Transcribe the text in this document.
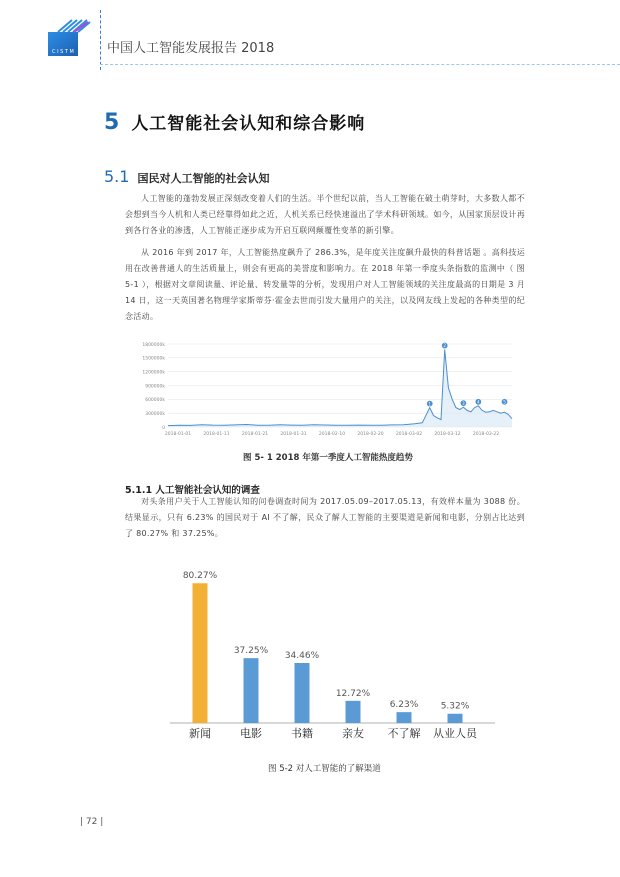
C I S T M	中国人工智能发展报告 2018
5 人工智能社会认知和综合影响
5.1 国民对人工智能的社会认知

人工智能的蓬勃发展正深刻改变着人们的生活。半个世纪以前，当人工智能在破土萌芽时，大多数人都不会想到当今人机和人类已经靠得如此之近，人机关系已经快速溢出了学术科研领域。如今，从国家顶层设计再到各行各业的渗透，人工智能正逐步成为开启互联网颠覆性变革的新引擎。

从 2016 年到 2017 年，人工智能热度飙升了 286.3%，是年度关注度飙升最快的科普话题 。高科技运用在改善普通人的生活质量上，则会有更高的美誉度和影响力。在 2018 年第一季度头条指数的监测中（ 图 5-1 ），根据对文章阅读量、评论量、转发量等的分析，发现用户对人工智能领域的关注度最高的日期是 3 月 14 日，这一天英国著名物理学家斯蒂芬·霍金去世而引发大量用户的关注，以及网友线上发起的各种类型的纪念活动。

0
300000k
600000k
900000k
1200000k
1500000k
1800000k
2018-01-01	2018-01-11	2018-01-21	2018-01-31	2018-02-10	2018-02-20	2018-03-02	2018-03-12	2018-03-22
1
2
3	4	5
图 5- 1 2018 年第一季度人工智能热度趋势
5.1.1 人工智能社会认知的调查

对头条用户关于人工智能认知的问卷调查时间为 2017.05.09–2017.05.13，有效样本量为 3088 份。结果显示，只有 6.23% 的国民对于 AI 不了解，民众了解人工智能的主要渠道是新闻和电影，分别占比达到了 80.27% 和 37.25%。

80.27%
新闻
37.25%
电影
34.46%
书籍
12.72%
亲友
6.23%
不了解
5.32%
从业人员
图 5-2 对人工智能的了解渠道
| 72 |
